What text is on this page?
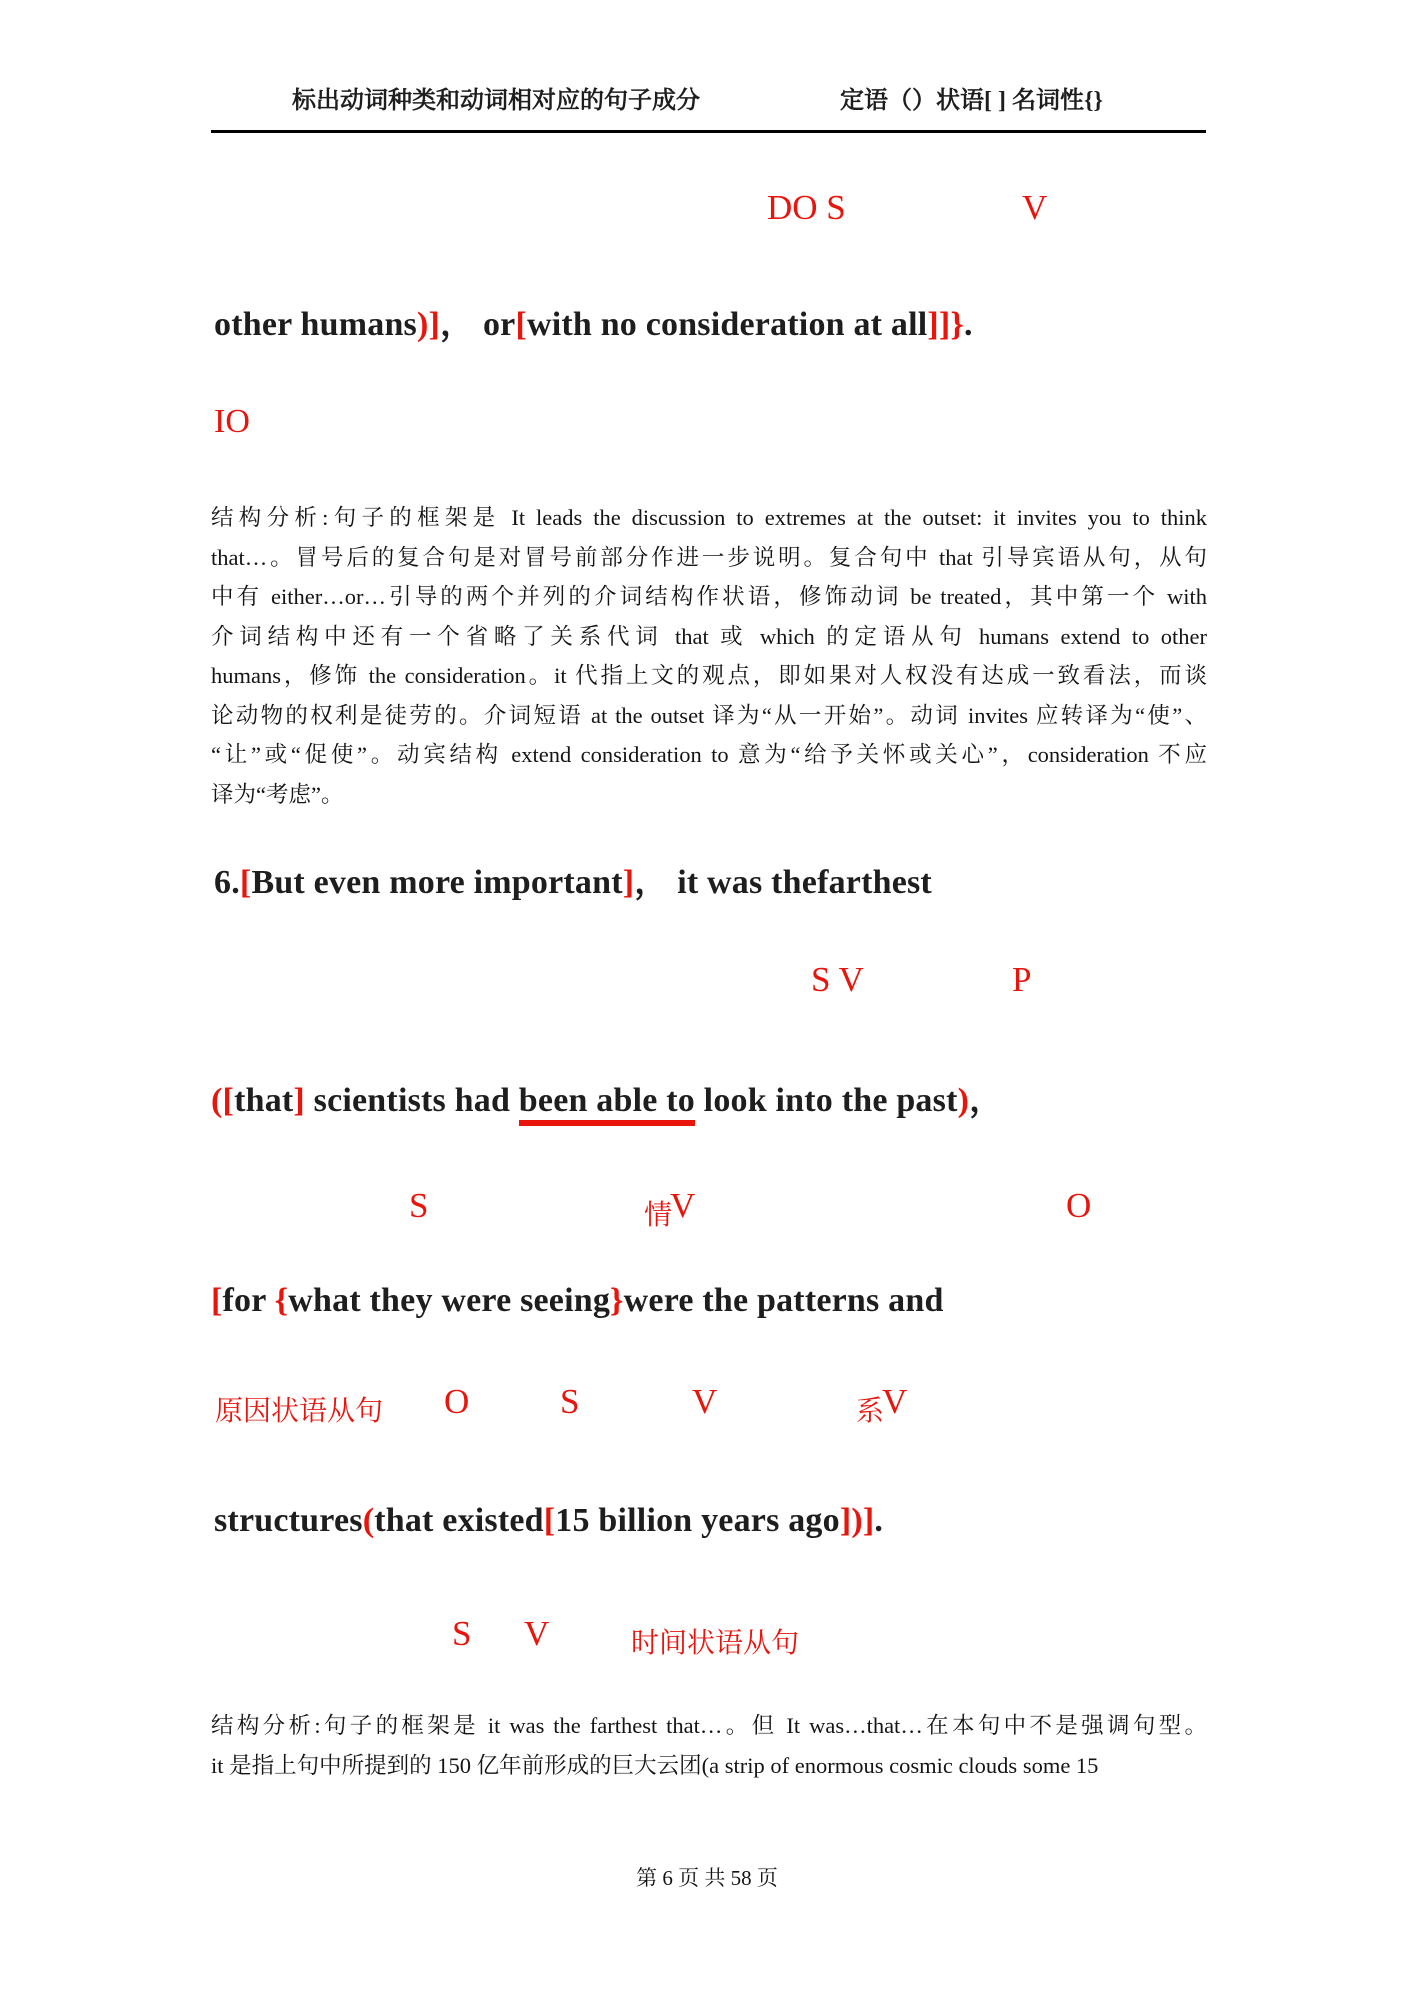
标出动词种类和动词相对应的句子成分	定语（）状语[ ] 名词性{}
DO S	V
S V	P
S	情
V	O
原因状语从句 O	S	V	系
V
S V	时间状语从句
IO
other humans)]， or[with no consideration at all]]}.
6.[But even more important]， it was thefarthest
([that] scientists had been able to look into the past)，
[for {what they were seeing}were the patterns and
structures(that existed[15 billion years ago])].
结构分析:句子的框架是 It leads the discussion to extremes at the outset: it invites you to think
that…。冒号后的复合句是对冒号前部分作进一步说明。复合句中 that 引导宾语从句，从句
中有 either…or…引导的两个并列的介词结构作状语，修饰动词 be treated，其中第一个 with
介词结构中还有一个省略了关系代词 that 或 which 的定语从句 humans extend to other
humans，修饰 the consideration。it 代指上文的观点，即如果对人权没有达成一致看法，而谈
论动物的权利是徒劳的。介词短语 at the outset 译为“从一开始”。动词 invites 应转译为“使”、
“让”或“促使”。动宾结构 extend consideration to 意为“给予关怀或关心”，consideration 不应
译为“考虑”。
结构分析:句子的框架是 it was the farthest that…。但 It was…that…在本句中不是强调句型。
it 是指上句中所提到的 150 亿年前形成的巨大云团(a strip of enormous cosmic clouds some 15
第 6 页 共 58 页
